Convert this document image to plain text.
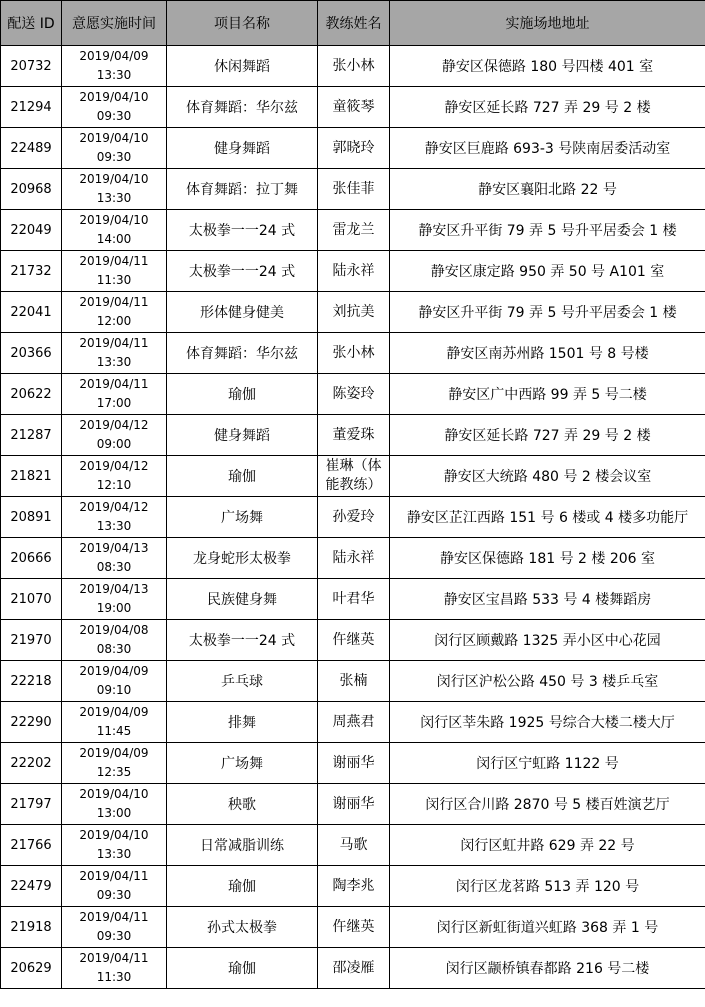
配送 ID	意愿实施时间	项目名称	教练姓名	实施场地地址
20732	2019/04/09
13:30	休闲舞蹈	张小林	静安区保德路 180 号四楼 401 室
21294	2019/04/10
09:30	体育舞蹈：华尔兹	童筱琴	静安区延长路 727 弄 29 号 2 楼
22489	2019/04/10
09:30	健身舞蹈	郭晓玲	静安区巨鹿路 693-3 号陕南居委活动室
20968	2019/04/10
13:30	体育舞蹈：拉丁舞	张佳菲	静安区襄阳北路 22 号
22049	2019/04/10
14:00	太极拳一一24 式	雷龙兰	静安区升平街 79 弄 5 号升平居委会 1 楼
21732	2019/04/11
11:30	太极拳一一24 式	陆永祥	静安区康定路 950 弄 50 号 A101 室
22041	2019/04/11
12:00	形体健身健美	刘抗美	静安区升平街 79 弄 5 号升平居委会 1 楼
20366	2019/04/11
13:30	体育舞蹈：华尔兹	张小林	静安区南苏州路 1501 号 8 号楼
20622	2019/04/11
17:00	瑜伽	陈姿玲	静安区广中西路 99 弄 5 号二楼
21287	2019/04/12
09:00	健身舞蹈	董爱珠	静安区延长路 727 弄 29 号 2 楼
21821	2019/04/12
12:10	瑜伽	崔琳（体能教练）	静安区大统路 480 号 2 楼会议室
20891	2019/04/12
13:30	广场舞	孙爱玲	静安区芷江西路 151 号 6 楼或 4 楼多功能厅
20666	2019/04/13
08:30	龙身蛇形太极拳	陆永祥	静安区保德路 181 号 2 楼 206 室
21070	2019/04/13
19:00	民族健身舞	叶君华	静安区宝昌路 533 号 4 楼舞蹈房
21970	2019/04/08
08:30	太极拳一一24 式	仵继英	闵行区顾戴路 1325 弄小区中心花园
22218	2019/04/09
09:10	乒乓球	张楠	闵行区沪松公路 450 号 3 楼乒乓室
22290	2019/04/09
11:45	排舞	周燕君	闵行区莘朱路 1925 号综合大楼二楼大厅
22202	2019/04/09
12:35	广场舞	谢丽华	闵行区宁虹路 1122 号
21797	2019/04/10
13:00	秧歌	谢丽华	闵行区合川路 2870 号 5 楼百姓演艺厅
21766	2019/04/10
13:30	日常减脂训练	马歌	闵行区虹井路 629 弄 22 号
22479	2019/04/11
09:30	瑜伽	陶李兆	闵行区龙茗路 513 弄 120 号
21918	2019/04/11
09:30	孙式太极拳	仵继英	闵行区新虹街道兴虹路 368 弄 1 号
20629	2019/04/11
11:30	瑜伽	邵凌雁	闵行区颛桥镇春都路 216 号二楼
